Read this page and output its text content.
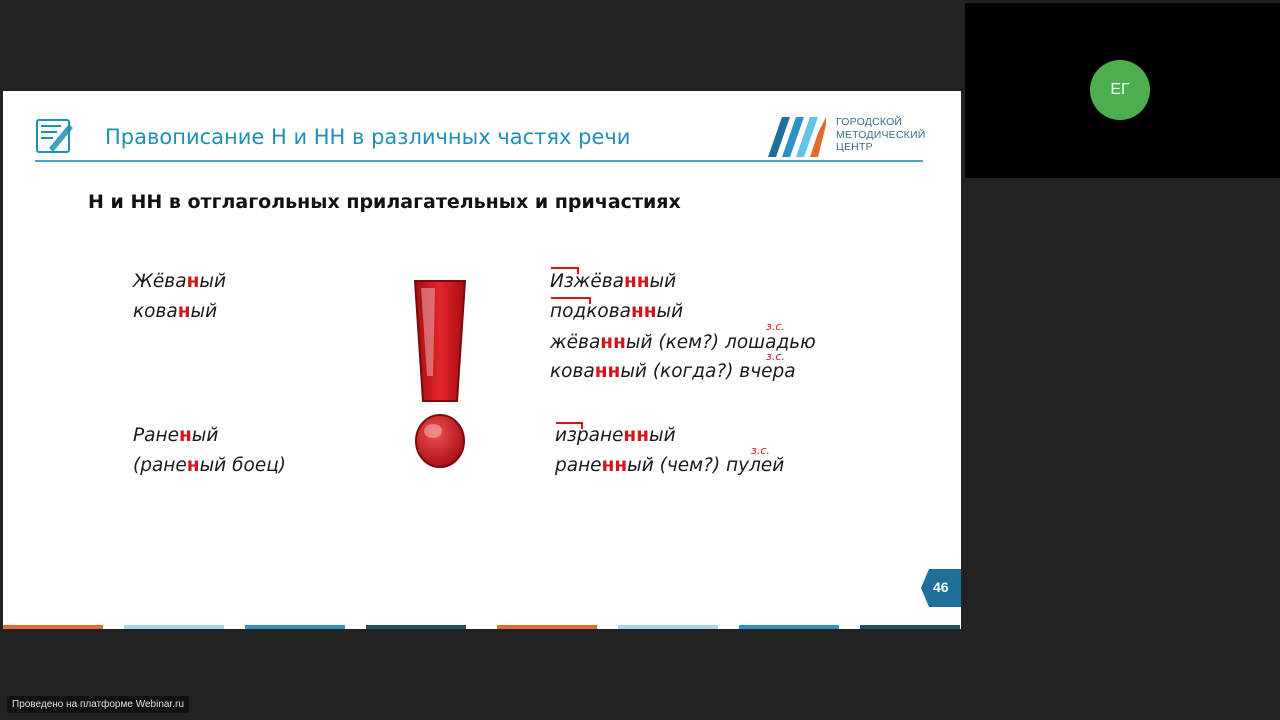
ЕГ
Правописание Н и НН в различных частях речи
ГОРОДСКОЙ
МЕТОДИЧЕСКИЙ
ЦЕНТР
Н и НН в отглагольных прилагательных и причастиях
Жёваный
кованый
Раненый
(раненый боец)
Изжёванный
подкованный
з.с.
жёванный (кем?) лошадью
з.с.
кованный (когда?) вчера
израненный
з.с.
раненный (чем?) пулей
46
Проведено на платформе Webinar.ru
